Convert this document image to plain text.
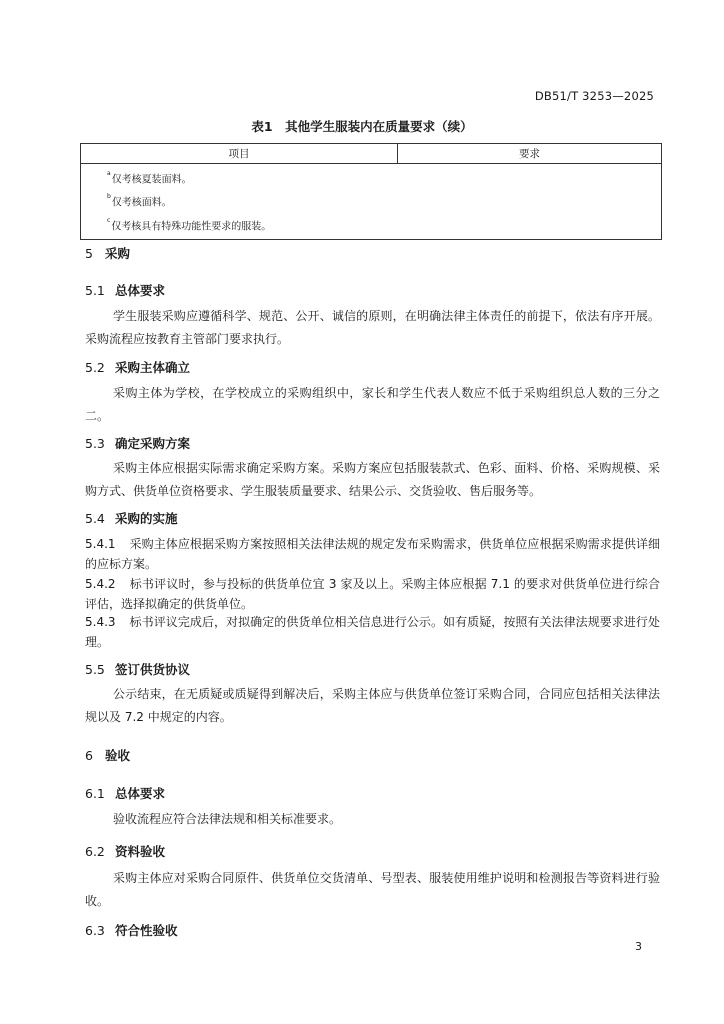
DB51/T 3253—2025
表1　其他学生服装内在质量要求（续）
项目	要求
$^a$仅考核夏装面料。
$^b$仅考核面料。
$^c$仅考核具有特殊功能性要求的服装。
5 采购
5.1 总体要求
学生服装采购应遵循科学、规范、公开、诚信的原则，在明确法律主体责任的前提下，依法有序开展。采购流程应按教育主管部门要求执行。
5.2 采购主体确立
采购主体为学校，在学校成立的采购组织中，家长和学生代表人数应不低于采购组织总人数的三分之二。
5.3 确定采购方案
采购主体应根据实际需求确定采购方案。采购方案应包括服装款式、色彩、面料、价格、采购规模、采购方式、供货单位资格要求、学生服装质量要求、结果公示、交货验收、售后服务等。
5.4 采购的实施
5.4.1 采购主体应根据采购方案按照相关法律法规的规定发布采购需求，供货单位应根据采购需求提供详细的应标方案。
5.4.2 标书评议时，参与投标的供货单位宜 3 家及以上。采购主体应根据 7.1 的要求对供货单位进行综合评估，选择拟确定的供货单位。
5.4.3 标书评议完成后，对拟确定的供货单位相关信息进行公示。如有质疑，按照有关法律法规要求进行处理。
5.5 签订供货协议
公示结束，在无质疑或质疑得到解决后，采购主体应与供货单位签订采购合同，合同应包括相关法律法规以及 7.2 中规定的内容。
6 验收
6.1 总体要求
验收流程应符合法律法规和相关标准要求。
6.2 资料验收
采购主体应对采购合同原件、供货单位交货清单、号型表、服装使用维护说明和检测报告等资料进行验收。
6.3 符合性验收
3
